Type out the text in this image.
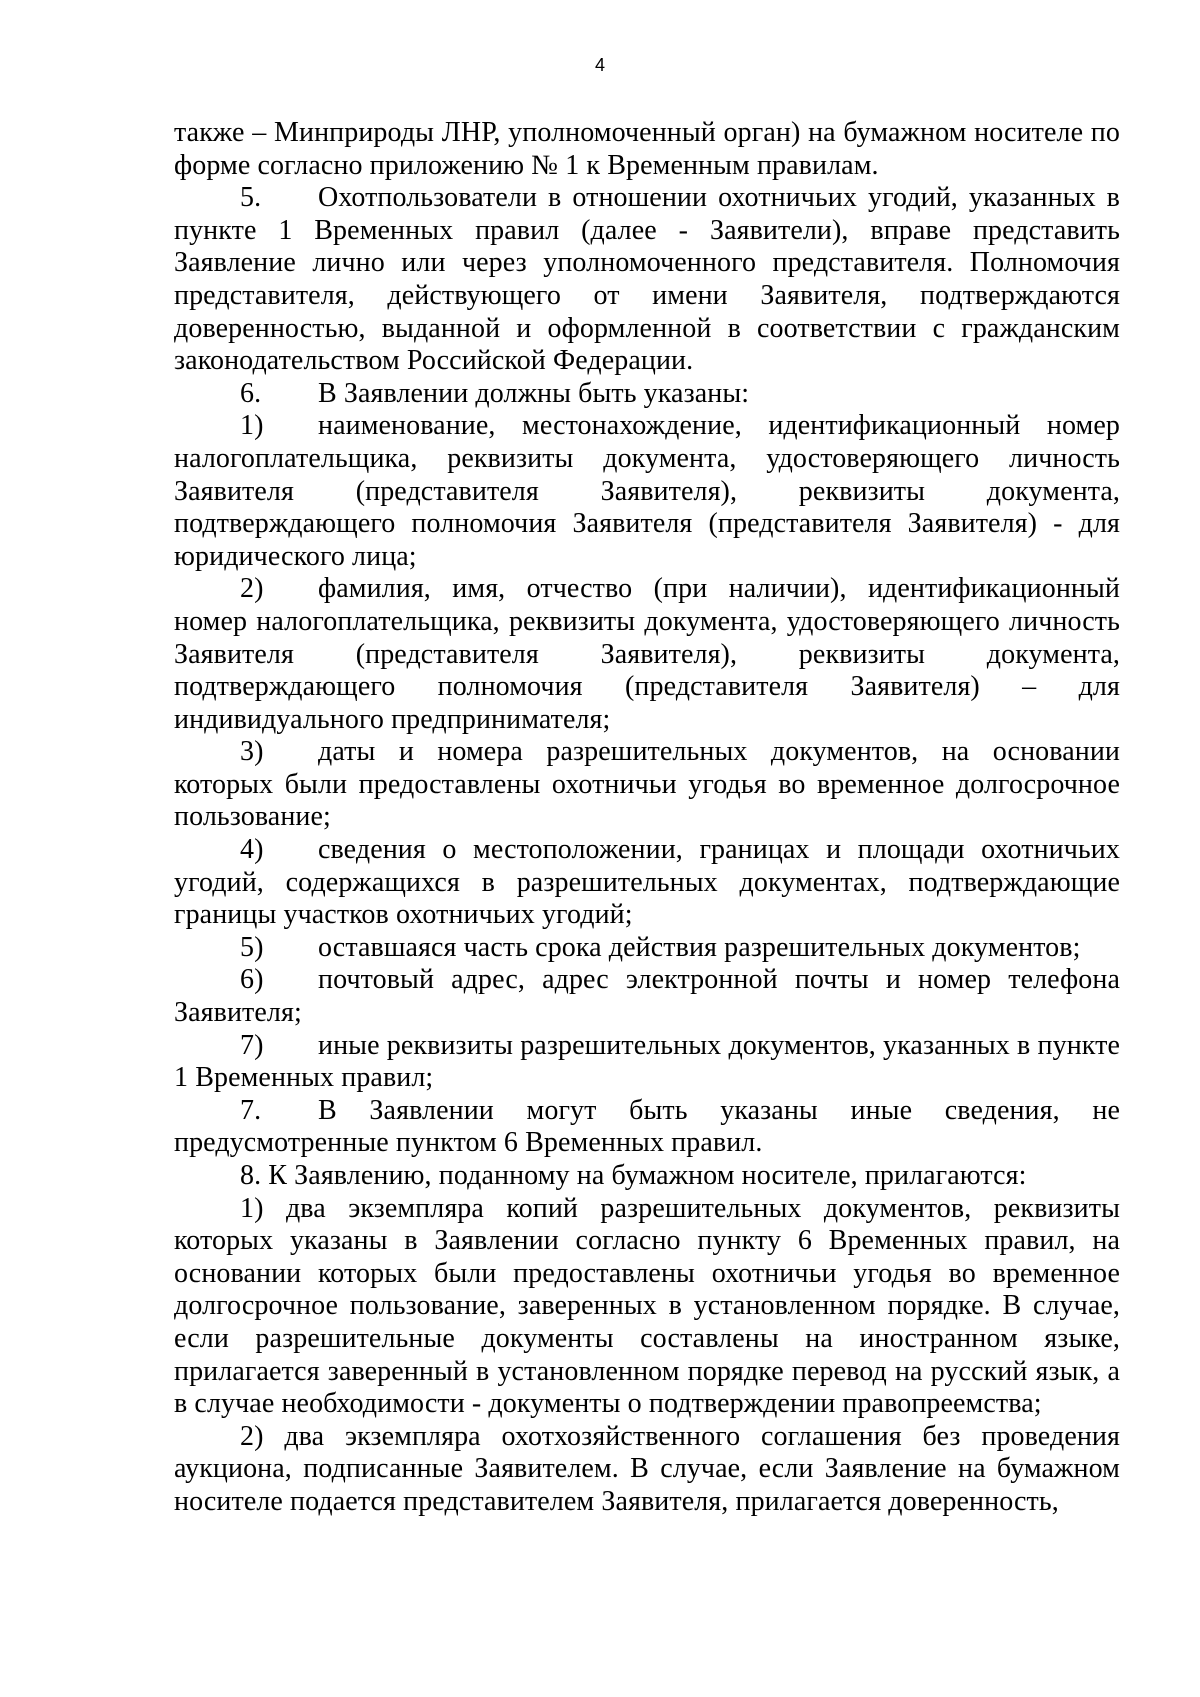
4

также – Минприроды ЛНР, уполномоченный орган) на бумажном носителе по форме согласно приложению № 1 к Временным правилам.

5. Охотпользователи в отношении охотничьих угодий, указанных в пункте 1 Временных правил (далее - Заявители), вправе представить Заявление лично или через уполномоченного представителя. Полномочия представителя, действующего от имени Заявителя, подтверждаются доверенностью, выданной и оформленной в соответствии с гражданским законодательством Российской Федерации.

6. В Заявлении должны быть указаны:

1) наименование, местонахождение, идентификационный номер налогоплательщика, реквизиты документа, удостоверяющего личность Заявителя (представителя Заявителя), реквизиты документа, подтверждающего полномочия Заявителя (представителя Заявителя) - для юридического лица;

2) фамилия, имя, отчество (при наличии), идентификационный номер налогоплательщика, реквизиты документа, удостоверяющего личность Заявителя (представителя Заявителя), реквизиты документа, подтверждающего полномочия (представителя Заявителя) – для индивидуального предпринимателя;

3) даты и номера разрешительных документов, на основании которых были предоставлены охотничьи угодья во временное долгосрочное пользование;

4) сведения о местоположении, границах и площади охотничьих угодий, содержащихся в разрешительных документах, подтверждающие границы участков охотничьих угодий;

5) оставшаяся часть срока действия разрешительных документов;

6) почтовый адрес, адрес электронной почты и номер телефона Заявителя;

7) иные реквизиты разрешительных документов, указанных в пункте 1 Временных правил;

7. В Заявлении могут быть указаны иные сведения, не предусмотренные пунктом 6 Временных правил.

8. К Заявлению, поданному на бумажном носителе, прилагаются:

1) два экземпляра копий разрешительных документов, реквизиты которых указаны в Заявлении согласно пункту 6 Временных правил, на основании которых были предоставлены охотничьи угодья во временное долгосрочное пользование, заверенных в установленном порядке. В случае, если разрешительные документы составлены на иностранном языке, прилагается заверенный в установленном порядке перевод на русский язык, а в случае необходимости - документы о подтверждении правопреемства;

2) два экземпляра охотхозяйственного соглашения без проведения аукциона, подписанные Заявителем. В случае, если Заявление на бумажном носителе подается представителем Заявителя, прилагается доверенность,
